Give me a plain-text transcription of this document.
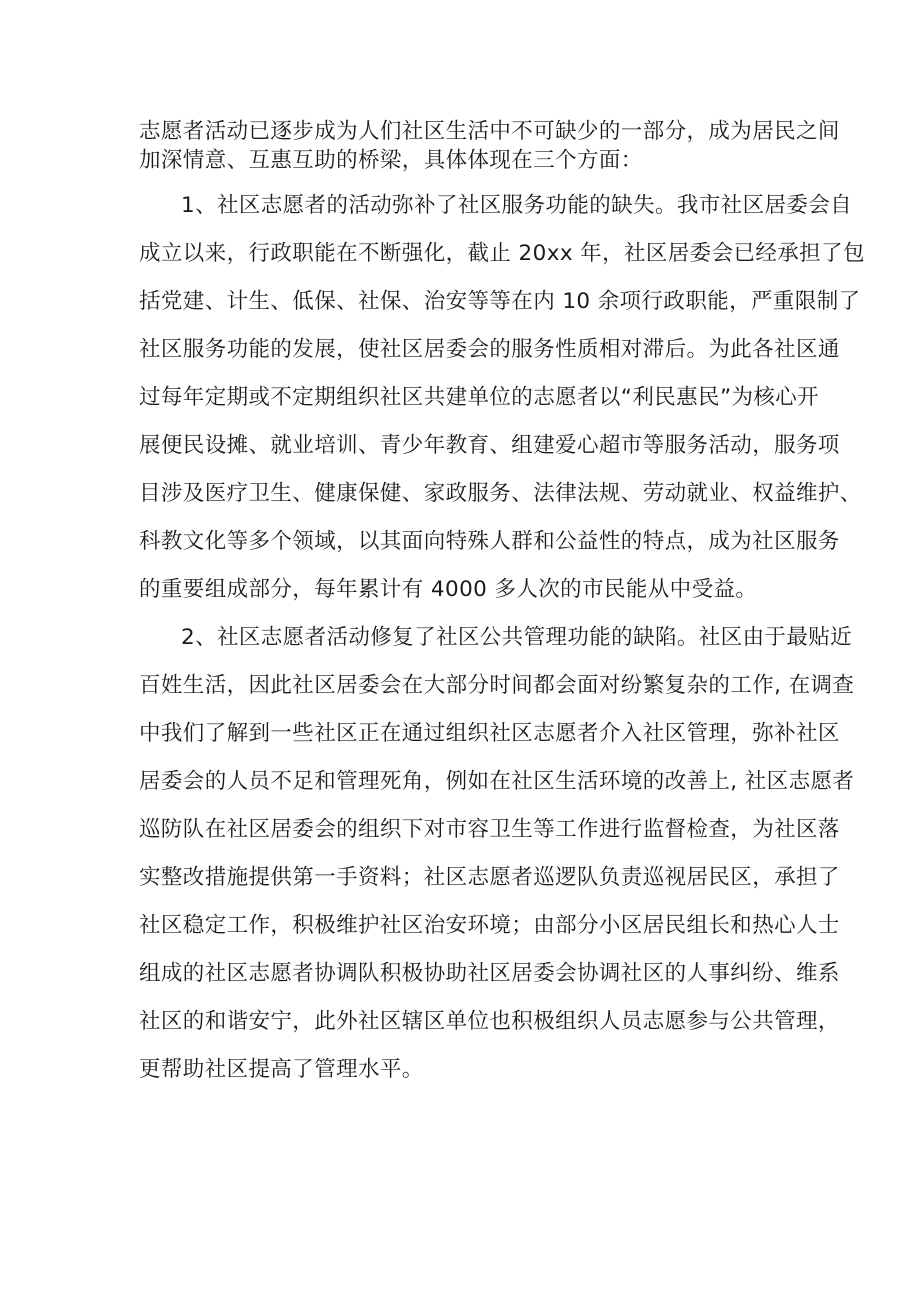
志愿者活动已逐步成为人们社区生活中不可缺少的一部分，成为居民之间
加深情意、互惠互助的桥梁，具体体现在三个方面：
1、社区志愿者的活动弥补了社区服务功能的缺失。我市社区居委会自
成立以来，行政职能在不断强化，截止 20xx 年，社区居委会已经承担了包
括党建、计生、低保、社保、治安等等在内 10 余项行政职能，严重限制了
社区服务功能的发展，使社区居委会的服务性质相对滞后。为此各社区通
过每年定期或不定期组织社区共建单位的志愿者以“利民惠民”为核心开
展便民设摊、就业培训、青少年教育、组建爱心超市等服务活动，服务项
目涉及医疗卫生、健康保健、家政服务、法律法规、劳动就业、权益维护、
科教文化等多个领域，以其面向特殊人群和公益性的特点，成为社区服务
的重要组成部分，每年累计有 4000 多人次的市民能从中受益。
2、社区志愿者活动修复了社区公共管理功能的缺陷。社区由于最贴近
百姓生活，因此社区居委会在大部分时间都会面对纷繁复杂的工作, 在调查
中我们了解到一些社区正在通过组织社区志愿者介入社区管理，弥补社区
居委会的人员不足和管理死角，例如在社区生活环境的改善上, 社区志愿者
巡防队在社区居委会的组织下对市容卫生等工作进行监督检查，为社区落
实整改措施提供第一手资料；社区志愿者巡逻队负责巡视居民区，承担了
社区稳定工作，积极维护社区治安环境；由部分小区居民组长和热心人士
组成的社区志愿者协调队积极协助社区居委会协调社区的人事纠纷、维系
社区的和谐安宁，此外社区辖区单位也积极组织人员志愿参与公共管理，
更帮助社区提高了管理水平。
